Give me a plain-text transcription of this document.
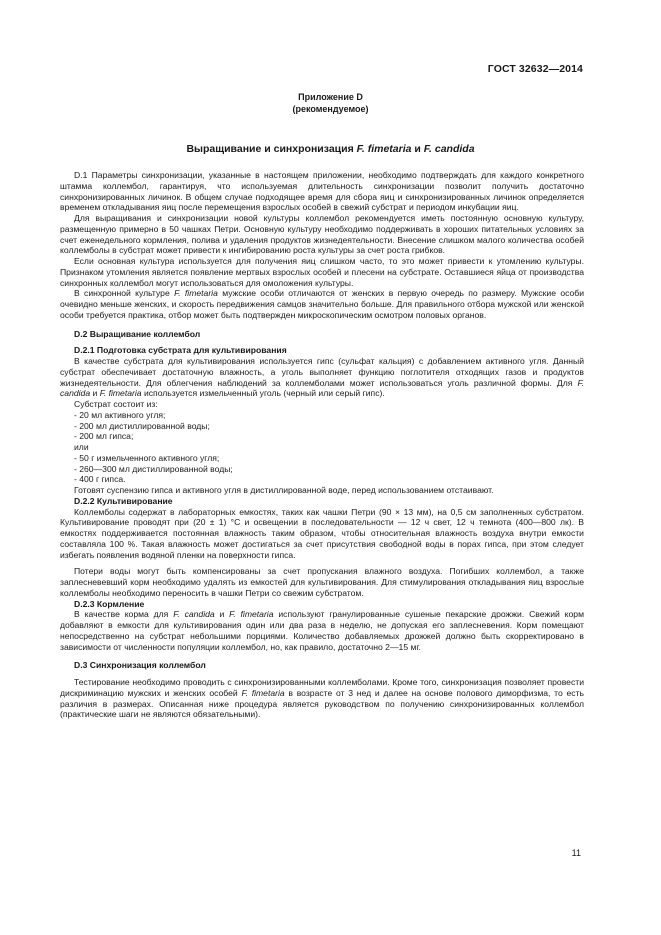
ГОСТ 32632—2014
Приложение D
(рекомендуемое)
Выращивание и синхронизация F. fimetaria и F. candida

D.1 Параметры синхронизации, указанные в настоящем приложении, необходимо подтверждать для каждого конкретного штамма коллембол, гарантируя, что используемая длительность синхронизации позволит получить достаточно синхронизированных личинок. В общем случае подходящее время для сбора яиц и синхронизированных личинок определяется временем откладывания яиц после перемещения взрослых особей в свежий субстрат и периодом инкубации яиц.

Для выращивания и синхронизации новой культуры коллембол рекомендуется иметь постоянную основную культуру, размещенную примерно в 50 чашках Петри. Основную культуру необходимо поддерживать в хороших питательных условиях за счет еженедельного кормления, полива и удаления продуктов жизнедеятельности. Внесение слишком малого количества особей коллемболы в субстрат может привести к ингибированию роста культуры за счет роста грибков.

Если основная культура используется для получения яиц слишком часто, то это может привести к утомлению культуры. Признаком утомления является появление мертвых взрослых особей и плесени на субстрате. Оставшиеся яйца от производства синхронных коллембол могут использоваться для омоложения культуры.

В синхронной культуре F. fimetaria мужские особи отличаются от женских в первую очередь по размеру. Мужские особи очевидно меньше женских, и скорость передвижения самцов значительно больше. Для правильного отбора мужской или женской особи требуется практика, отбор может быть подтвержден микроскопическим осмотром половых органов.

D.2 Выращивание коллембол
D.2.1 Подготовка субстрата для культивирования

В качестве субстрата для культивирования используется гипс (сульфат кальция) с добавлением активного угля. Данный субстрат обеспечивает достаточную влажность, а уголь выполняет функцию поглотителя отходящих газов и продуктов жизнедеятельности. Для облегчения наблюдений за коллемболами может использоваться уголь различной формы. Для F. candida и F. fimetaria используется измельченный уголь (черный или серый гипс).

Субстрат состоит из:

- 20 мл активного угля;
- 200 мл дистиллированной воды;
- 200 мл гипса;
или
- 50 г измельченного активного угля;
- 260—300 мл дистиллированной воды;
- 400 г гипса.

Готовят суспензию гипса и активного угля в дистиллированной воде, перед использованием отстаивают.

D.2.2 Культивирование

Коллемболы содержат в лабораторных емкостях, таких как чашки Петри (90 × 13 мм), на 0,5 см заполненных субстратом. Культивирование проводят при (20 ± 1) °С и освещении в последовательности — 12 ч свет, 12 ч темнота (400—800 лк). В емкостях поддерживается постоянная влажность таким образом, чтобы относительная влажность воздуха внутри емкости составляла 100 %. Такая влажность может достигаться за счет присутствия свободной воды в порах гипса, при этом следует избегать появления водяной пленки на поверхности гипса.

Потери воды могут быть компенсированы за счет пропускания влажного воздуха. Погибших коллембол, а также заплесневевший корм необходимо удалять из емкостей для культивирования. Для стимулирования откладывания яиц взрослые коллемболы необходимо переносить в чашки Петри со свежим субстратом.

D.2.3 Кормление

В качестве корма для F. candida и F. fimetaria используют гранулированные сушеные пекарские дрожжи. Свежий корм добавляют в емкости для культивирования один или два раза в неделю, не допуская его заплесневения. Корм помещают непосредственно на субстрат небольшими порциями. Количество добавляемых дрожжей должно быть скорректировано в зависимости от численности популяции коллембол, но, как правило, достаточно 2—15 мг.

D.3 Синхронизация коллембол

Тестирование необходимо проводить с синхронизированными коллемболами. Кроме того, синхронизация позволяет провести дискриминацию мужских и женских особей F. fimetaria в возрасте от 3 нед и далее на основе полового диморфизма, то есть различия в размерах. Описанная ниже процедура является руководством по получению синхронизированных коллембол (практические шаги не являются обязательными).

11
